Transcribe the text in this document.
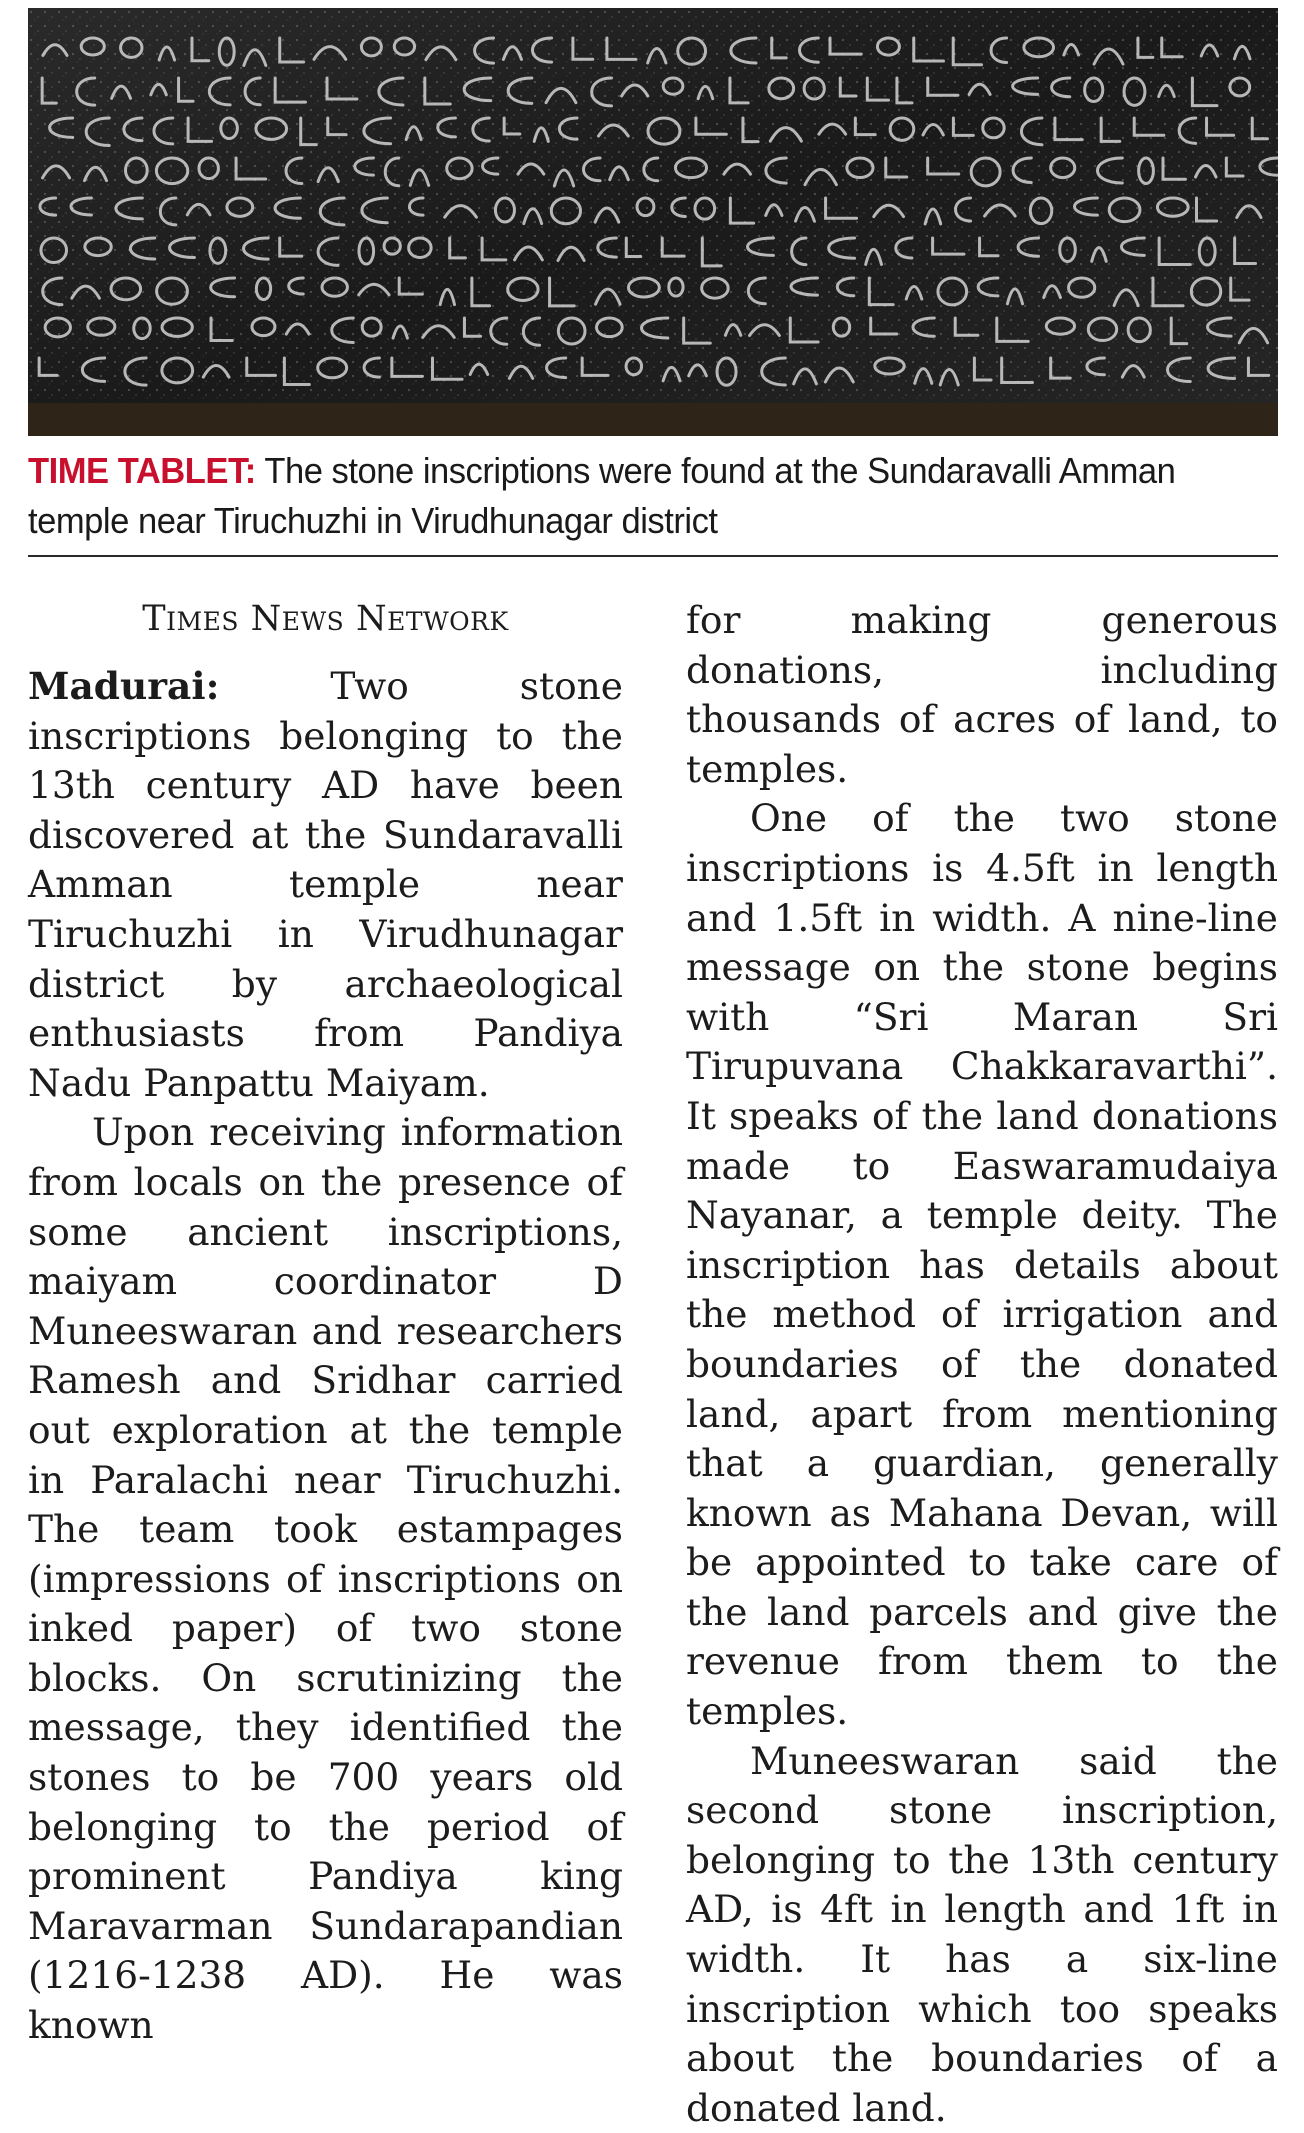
TIME TABLET: The stone inscriptions were found at the Sundaravalli Amman temple near Tiruchuzhi in Virudhunagar district
Times News Network

Madurai: Two stone inscriptions belonging to the 13th century AD have been discovered at the Sundaravalli Amman temple near Tiruchuzhi in Virudhunagar district by archaeological enthusiasts from Pandiya Nadu Panpattu Maiyam.

Upon receiving information from locals on the presence of some ancient inscriptions, maiyam coordinator D Muneeswaran and researchers Ramesh and Sridhar carried out exploration at the temple in Paralachi near Tiruchuzhi. The team took estampages (impressions of inscriptions on inked paper) of two stone blocks. On scrutinizing the message, they identified the stones to be 700 years old belonging to the period of prominent Pandiya king Maravarman Sundarapandian (1216-1238 AD). He was known

for making generous donations, including thousands of acres of land, to temples.

One of the two stone inscriptions is 4.5ft in length and 1.5ft in width. A nine-line message on the stone begins with “Sri Maran Sri Tirupuvana Chakkaravarthi”. It speaks of the land donations made to Easwaramudaiya Nayanar, a temple deity. The inscription has details about the method of irrigation and boundaries of the donated land, apart from mentioning that a guardian, generally known as Mahana Devan, will be appointed to take care of the land parcels and give the revenue from them to the temples.

Muneeswaran said the second stone inscription, belonging to the 13th century AD, is 4ft in length and 1ft in width. It has a six-line inscription which too speaks about the boundaries of a donated land.
